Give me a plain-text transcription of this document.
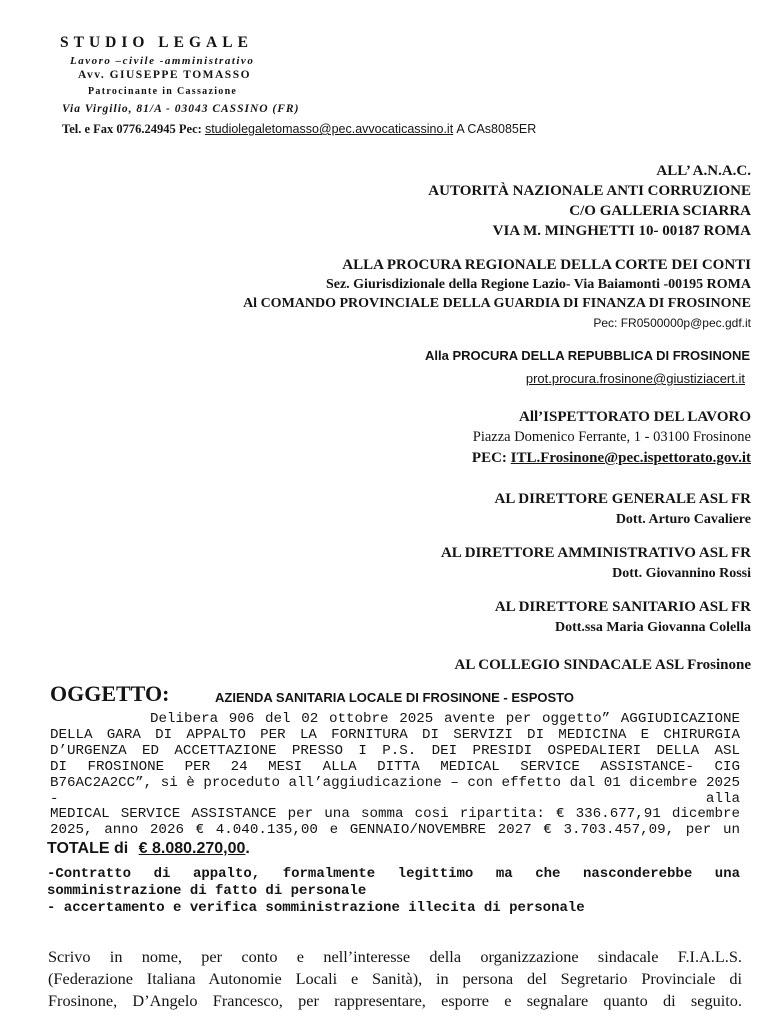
STUDIO LEGALE
Lavoro –civile -amministrativo
Avv. GIUSEPPE TOMASSO
Patrocinante in Cassazione
Via Virgilio, 81/A - 03043 CASSINO (FR)
Tel. e Fax 0776.24945 Pec: studiolegaletomasso@pec.avvocaticassino.it A CAs8085ER
ALL’ A.N.A.C.
AUTORITÀ NAZIONALE ANTI CORRUZIONE
C/O GALLERIA SCIARRA
VIA M. MINGHETTI 10- 00187 ROMA
ALLA PROCURA REGIONALE DELLA CORTE DEI CONTI
Sez. Giurisdizionale della Regione Lazio- Via Baiamonti -00195 ROMA
Al COMANDO PROVINCIALE DELLA GUARDIA DI FINANZA DI FROSINONE
Pec: FR0500000p@pec.gdf.it
Alla PROCURA DELLA REPUBBLICA DI FROSINONE
prot.procura.frosinone@giustiziacert.it
All’ISPETTORATO DEL LAVORO
Piazza Domenico Ferrante, 1 - 03100 Frosinone
PEC: ITL.Frosinone@pec.ispettorato.gov.it
AL DIRETTORE GENERALE ASL FR
Dott. Arturo Cavaliere
AL DIRETTORE AMMINISTRATIVO ASL FR
Dott. Giovannino Rossi
AL DIRETTORE SANITARIO ASL FR
Dott.ssa Maria Giovanna Colella
AL COLLEGIO SINDACALE ASL Frosinone
OGGETTO:	AZIENDA SANITARIA LOCALE DI FROSINONE - ESPOSTO
Delibera 906 del 02 ottobre 2025 avente per oggetto” AGGIUDICAZIONE
DELLA GARA DI APPALTO PER LA FORNITURA DI SERVIZI DI MEDICINA E CHIRURGIA
D’URGENZA ED ACCETTAZIONE PRESSO I P.S. DEI PRESIDI OSPEDALIERI DELLA ASL
DI FROSINONE PER 24 MESI ALLA DITTA MEDICAL SERVICE ASSISTANCE- CIG
B76AC2A2CC”, si è proceduto all’aggiudicazione – con effetto dal 01 dicembre 2025 - alla
MEDICAL SERVICE ASSISTANCE per una somma cosi ripartita: € 336.677,91 dicembre
2025, anno 2026 € 4.040.135,00 e GENNAIO/NOVEMBRE 2027 € 3.703.457,09, per un
TOTALE di € 8.080.270,00.
-Contratto di appalto, formalmente legittimo ma che nasconderebbe una
somministrazione di fatto di personale
- accertamento e verifica somministrazione illecita di personale
Scrivo in nome, per conto e nell’interesse della organizzazione sindacale F.I.A.L.S.
(Federazione Italiana Autonomie Locali e Sanità), in persona del Segretario Provinciale di
Frosinone, D’Angelo Francesco, per rappresentare, esporre e segnalare quanto di seguito.
